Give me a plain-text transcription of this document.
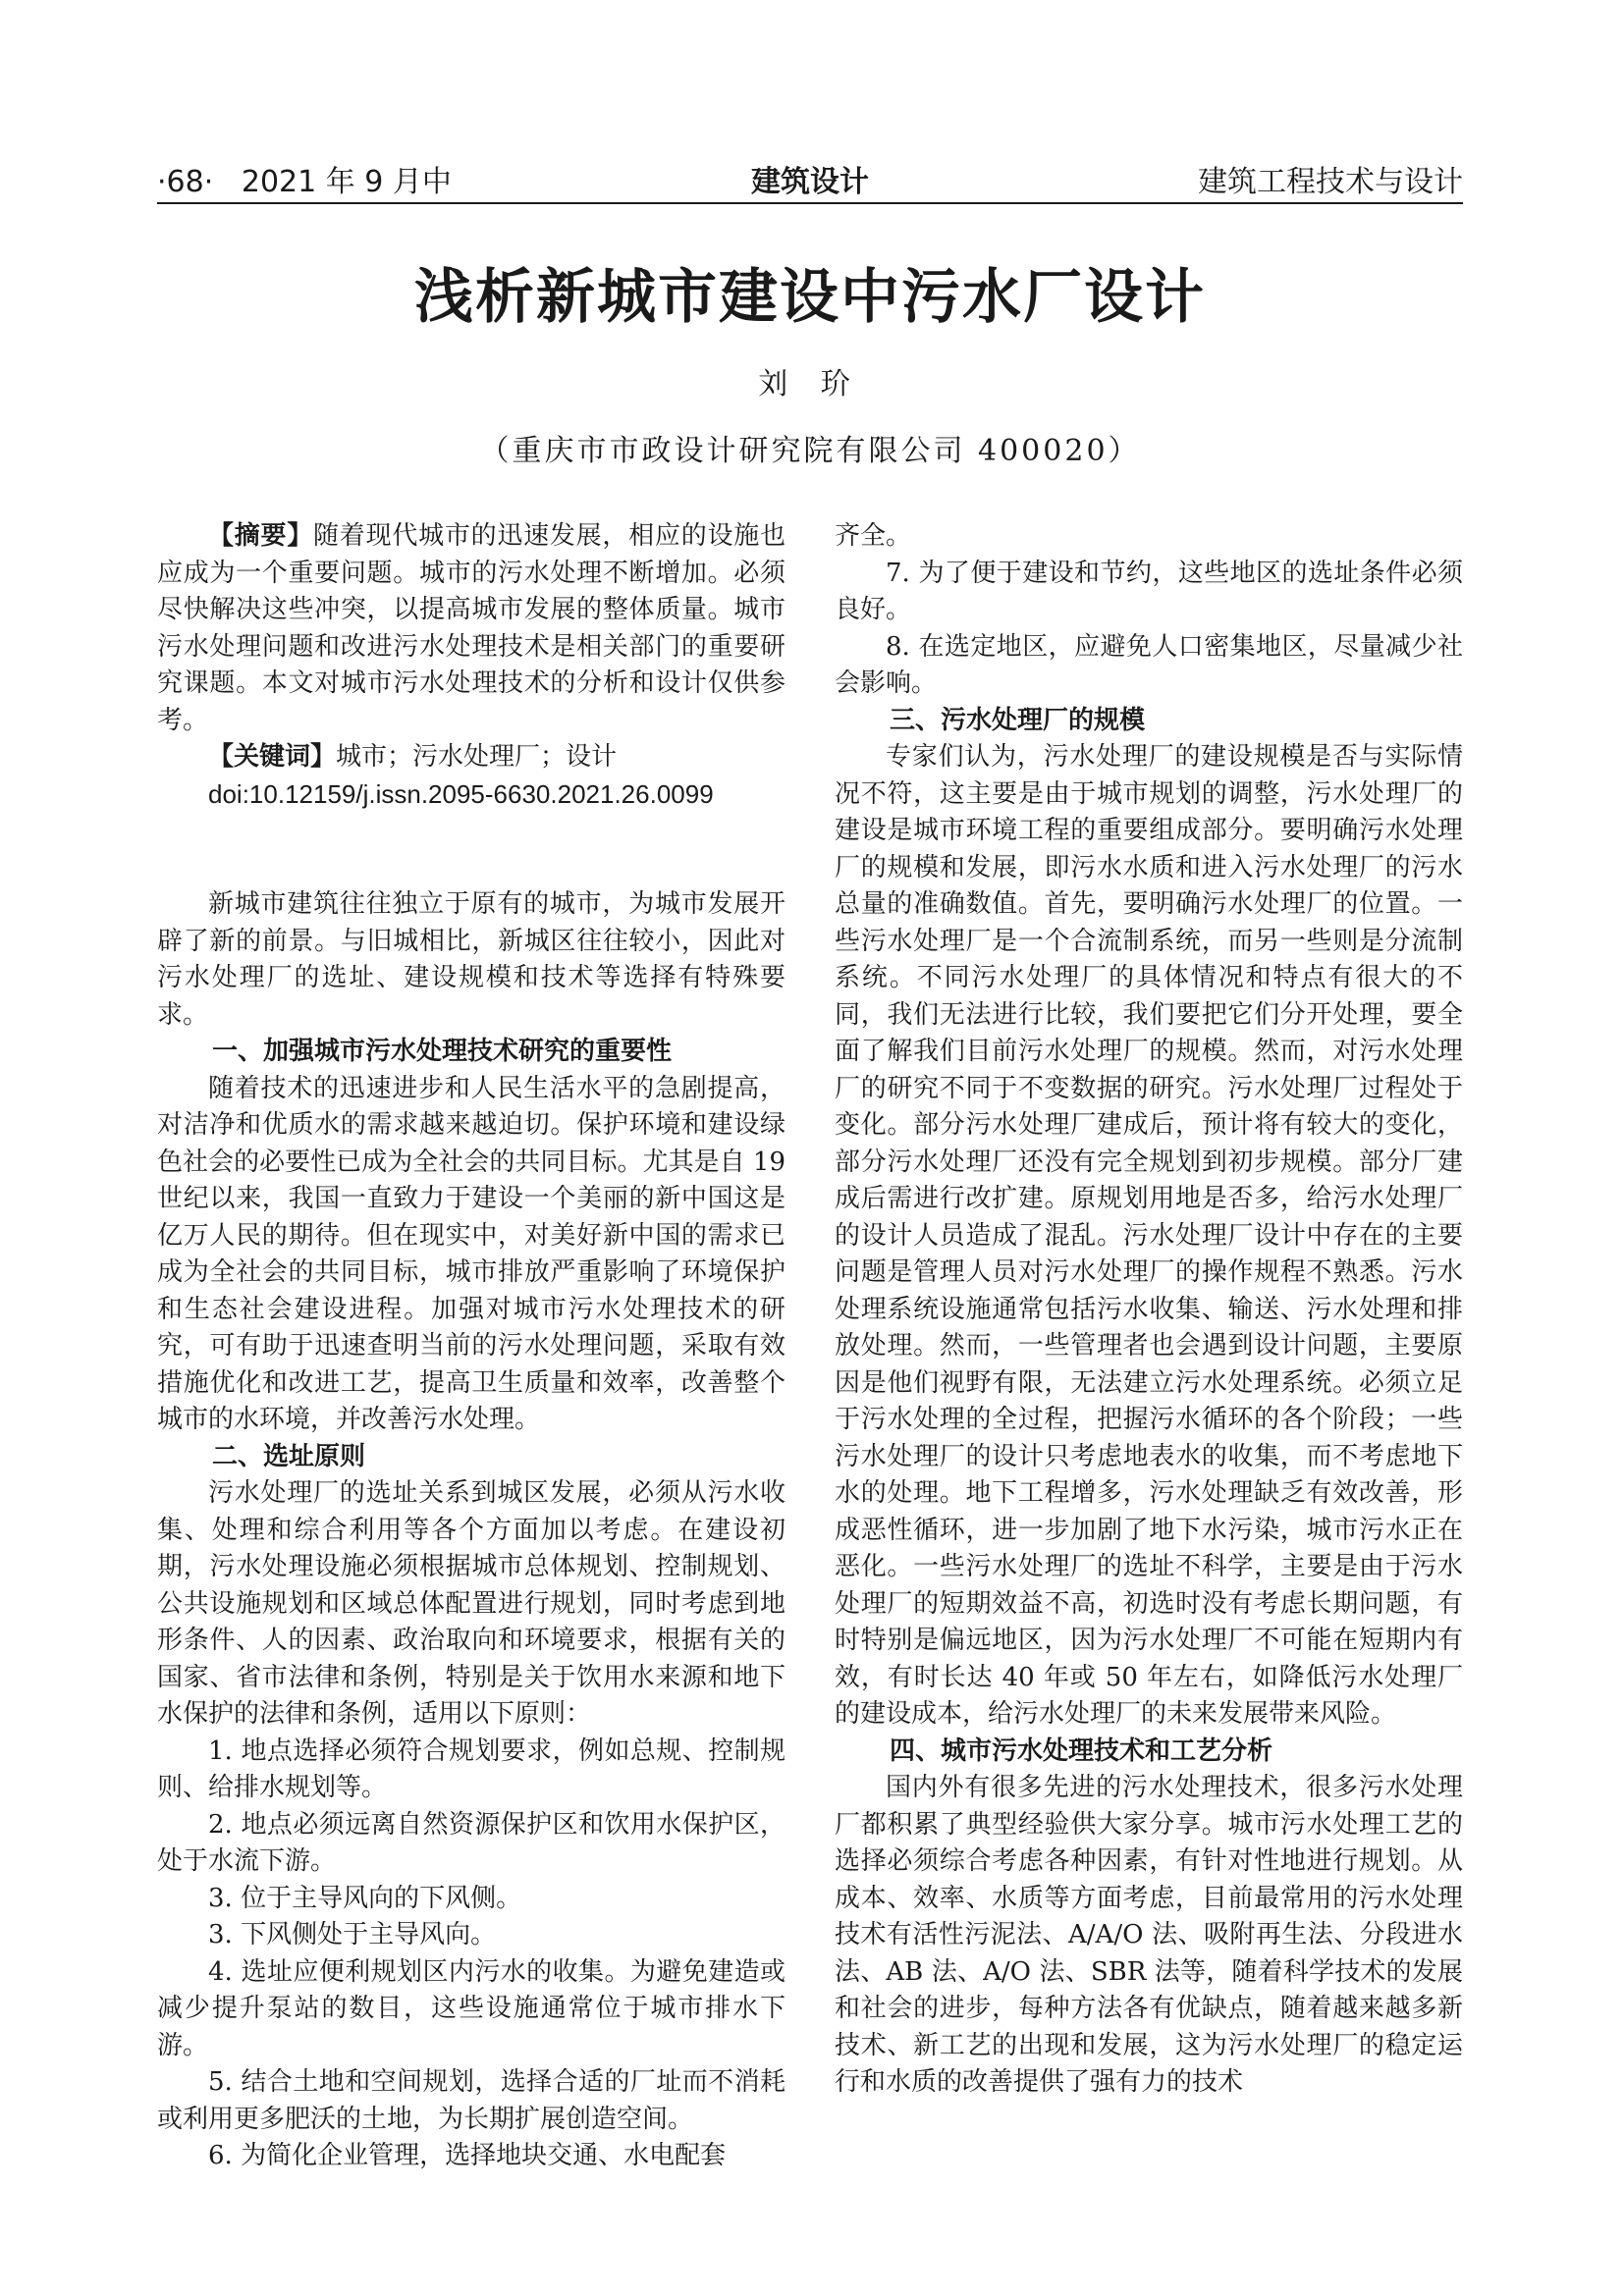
·68· 2021 年 9 月中	建筑设计	建筑工程技术与设计
浅析新城市建设中污水厂设计
刘 玠
（重庆市市政设计研究院有限公司 400020）

【摘要】随着现代城市的迅速发展，相应的设施也应成为一个重要问题。城市的污水处理不断增加。必须尽快解决这些冲突，以提高城市发展的整体质量。城市污水处理问题和改进污水处理技术是相关部门的重要研究课题。本文对城市污水处理技术的分析和设计仅供参考。

【关键词】城市；污水处理厂；设计

doi:10.12159/j.issn.2095-6630.2021.26.0099

新城市建筑往往独立于原有的城市，为城市发展开辟了新的前景。与旧城相比，新城区往往较小，因此对污水处理厂的选址、建设规模和技术等选择有特殊要求。

一、加强城市污水处理技术研究的重要性

随着技术的迅速进步和人民生活水平的急剧提高，对洁净和优质水的需求越来越迫切。保护环境和建设绿色社会的必要性已成为全社会的共同目标。尤其是自 19 世纪以来，我国一直致力于建设一个美丽的新中国这是亿万人民的期待。但在现实中，对美好新中国的需求已成为全社会的共同目标，城市排放严重影响了环境保护和生态社会建设进程。加强对城市污水处理技术的研究，可有助于迅速查明当前的污水处理问题，采取有效措施优化和改进工艺，提高卫生质量和效率，改善整个城市的水环境，并改善污水处理。

二、选址原则

污水处理厂的选址关系到城区发展，必须从污水收集、处理和综合利用等各个方面加以考虑。在建设初期，污水处理设施必须根据城市总体规划、控制规划、公共设施规划和区域总体配置进行规划，同时考虑到地形条件、人的因素、政治取向和环境要求，根据有关的国家、省市法律和条例，特别是关于饮用水来源和地下水保护的法律和条例，适用以下原则：

1. 地点选择必须符合规划要求，例如总规、控制规则、给排水规划等。

2. 地点必须远离自然资源保护区和饮用水保护区，处于水流下游。

3. 位于主导风向的下风侧。

3. 下风侧处于主导风向。

4. 选址应便利规划区内污水的收集。为避免建造或减少提升泵站的数目，这些设施通常位于城市排水下游。

5. 结合土地和空间规划，选择合适的厂址而不消耗或利用更多肥沃的土地，为长期扩展创造空间。

6. 为简化企业管理，选择地块交通、水电配套

齐全。

7. 为了便于建设和节约，这些地区的选址条件必须良好。

8. 在选定地区，应避免人口密集地区，尽量减少社会影响。

三、污水处理厂的规模

专家们认为，污水处理厂的建设规模是否与实际情况不符，这主要是由于城市规划的调整，污水处理厂的建设是城市环境工程的重要组成部分。要明确污水处理厂的规模和发展，即污水水质和进入污水处理厂的污水总量的准确数值。首先，要明确污水处理厂的位置。一些污水处理厂是一个合流制系统，而另一些则是分流制系统。不同污水处理厂的具体情况和特点有很大的不同，我们无法进行比较，我们要把它们分开处理，要全面了解我们目前污水处理厂的规模。然而，对污水处理厂的研究不同于不变数据的研究。污水处理厂过程处于变化。部分污水处理厂建成后，预计将有较大的变化，部分污水处理厂还没有完全规划到初步规模。部分厂建成后需进行改扩建。原规划用地是否多，给污水处理厂的设计人员造成了混乱。污水处理厂设计中存在的主要问题是管理人员对污水处理厂的操作规程不熟悉。污水处理系统设施通常包括污水收集、输送、污水处理和排放处理。然而，一些管理者也会遇到设计问题，主要原因是他们视野有限，无法建立污水处理系统。必须立足于污水处理的全过程，把握污水循环的各个阶段；一些污水处理厂的设计只考虑地表水的收集，而不考虑地下水的处理。地下工程增多，污水处理缺乏有效改善，形成恶性循环，进一步加剧了地下水污染，城市污水正在恶化。一些污水处理厂的选址不科学，主要是由于污水处理厂的短期效益不高，初选时没有考虑长期问题，有时特别是偏远地区，因为污水处理厂不可能在短期内有效，有时长达 40 年或 50 年左右，如降低污水处理厂的建设成本，给污水处理厂的未来发展带来风险。

四、城市污水处理技术和工艺分析

国内外有很多先进的污水处理技术，很多污水处理厂都积累了典型经验供大家分享。城市污水处理工艺的选择必须综合考虑各种因素，有针对性地进行规划。从成本、效率、水质等方面考虑，目前最常用的污水处理技术有活性污泥法、A/A/O 法、吸附再生法、分段进水法、AB 法、A/O 法、SBR 法等，随着科学技术的发展和社会的进步，每种方法各有优缺点，随着越来越多新技术、新工艺的出现和发展，这为污水处理厂的稳定运行和水质的改善提供了强有力的技术
